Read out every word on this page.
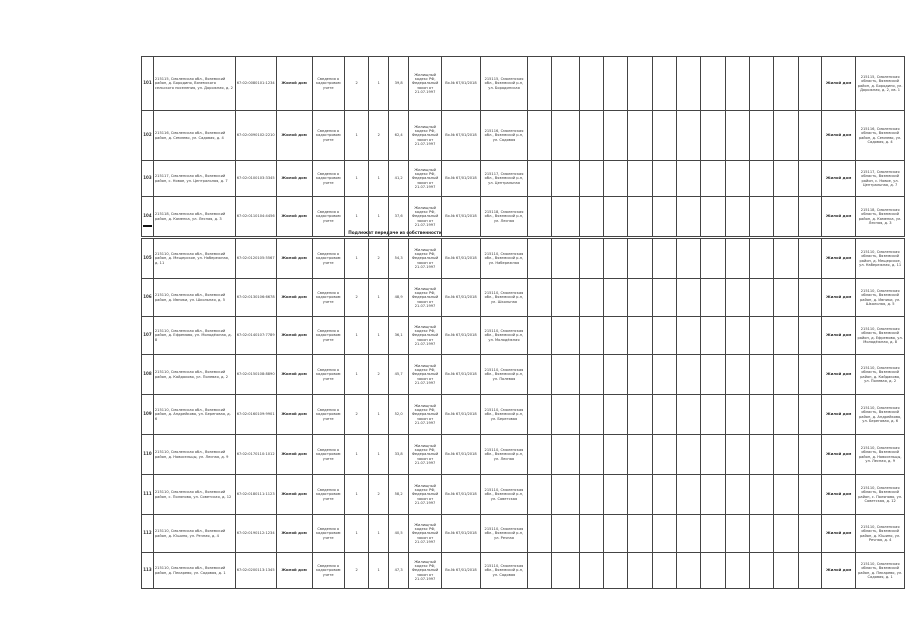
Подлежат передаче из собственности
101	215115, Смоленская обл., Вяземский район, д. Бородино, Вяземского сельского поселения, ул. Дорожная, д. 2	67:02:0080101:1234	Жилой дом	Сведения о кадастровом учете	2	1	39,8	Жилищный кодекс РФ, Федеральный закон от 21.07.1997	Вх.№ 67/01/2018	215115, Смоленская обл., Вяземский р-н, ул. Бородинская													Жилой дом	215115, Смоленская область, Вяземский район, д. Бородино, ул. Дорожная, д. 2, кв. 1
102	215116, Смоленская обл., Вяземский район, д. Семлево, ул. Садовая, д. 4	67:02:0090102:2210	Жилой дом	Сведения о кадастровом учете	1	2	62,4	Жилищный кодекс РФ, Федеральный закон от 21.07.1997	Вх.№ 67/01/2018	215116, Смоленская обл., Вяземский р-н, ул. Садовая													Жилой дом	215116, Смоленская область, Вяземский район, д. Семлево, ул. Садовая, д. 4
103	215117, Смоленская обл., Вяземский район, с. Новое, ул. Центральная, д. 7	67:02:0100103:3345	Жилой дом	Сведения о кадастровом учете	1	1	41,2	Жилищный кодекс РФ, Федеральный закон от 21.07.1997	Вх.№ 67/01/2018	215117, Смоленская обл., Вяземский р-н, ул. Центральная													Жилой дом	215117, Смоленская область, Вяземский район, с. Новое, ул. Центральная, д. 7
104	215118, Смоленская обл., Вяземский район, д. Каменка, ул. Лесная, д. 3	67:02:0110104:4456	Жилой дом	Сведения о кадастровом учете	1	1	37,6	Жилищный кодекс РФ, Федеральный закон от 21.07.1997	Вх.№ 67/01/2018	215118, Смоленская обл., Вяземский р-н, ул. Лесная													Жилой дом	215118, Смоленская область, Вяземский район, д. Каменка, ул. Лесная, д. 3
105	215110, Смоленская обл., Вяземский район, д. Мещерское, ул. Набережная, д. 11	67:02:0120105:5567	Жилой дом	Сведения о кадастровом учете	1	2	54,3	Жилищный кодекс РФ, Федеральный закон от 21.07.1997	Вх.№ 67/01/2018	215110, Смоленская обл., Вяземский р-н, ул. Набережная													Жилой дом	215110, Смоленская область, Вяземский район, д. Мещерское, ул. Набережная, д. 11
106	215110, Смоленская обл., Вяземский район, д. Ивники, ул. Школьная, д. 5	67:02:0130106:6678	Жилой дом	Сведения о кадастровом учете	2	1	48,9	Жилищный кодекс РФ, Федеральный закон от 21.07.1997	Вх.№ 67/01/2018	215110, Смоленская обл., Вяземский р-н, ул. Школьная													Жилой дом	215110, Смоленская область, Вяземский район, д. Ивники, ул. Школьная, д. 5
107	215110, Смоленская обл., Вяземский район, д. Ефремово, ул. Молодёжная, д. 8	67:02:0140107:7789	Жилой дом	Сведения о кадастровом учете	1	1	36,1	Жилищный кодекс РФ, Федеральный закон от 21.07.1997	Вх.№ 67/01/2018	215110, Смоленская обл., Вяземский р-н, ул. Молодёжная													Жилой дом	215110, Смоленская область, Вяземский район, д. Ефремово, ул. Молодёжная, д. 8
108	215110, Смоленская обл., Вяземский район, д. Кайдаково, ул. Полевая, д. 2	67:02:0150108:8890	Жилой дом	Сведения о кадастровом учете	1	2	45,7	Жилищный кодекс РФ, Федеральный закон от 21.07.1997	Вх.№ 67/01/2018	215110, Смоленская обл., Вяземский р-н, ул. Полевая													Жилой дом	215110, Смоленская область, Вяземский район, д. Кайдаково, ул. Полевая, д. 2
109	215110, Смоленская обл., Вяземский район, д. Андрейково, ул. Береговая, д. 6	67:02:0160109:9901	Жилой дом	Сведения о кадастровом учете	2	1	52,0	Жилищный кодекс РФ, Федеральный закон от 21.07.1997	Вх.№ 67/01/2018	215110, Смоленская обл., Вяземский р-н, ул. Береговая													Жилой дом	215110, Смоленская область, Вяземский район, д. Андрейково, ул. Береговая, д. 6
110	215110, Смоленская обл., Вяземский район, д. Новосельцы, ул. Лесная, д. 9	67:02:0170110:1012	Жилой дом	Сведения о кадастровом учете	1	1	33,8	Жилищный кодекс РФ, Федеральный закон от 21.07.1997	Вх.№ 67/01/2018	215110, Смоленская обл., Вяземский р-н, ул. Лесная													Жилой дом	215110, Смоленская область, Вяземский район, д. Новосельцы, ул. Лесная, д. 9
111	215110, Смоленская обл., Вяземский район, с. Поляново, ул. Советская, д. 12	67:02:0180111:1123	Жилой дом	Сведения о кадастровом учете	1	2	58,2	Жилищный кодекс РФ, Федеральный закон от 21.07.1997	Вх.№ 67/01/2018	215110, Смоленская обл., Вяземский р-н, ул. Советская													Жилой дом	215110, Смоленская область, Вяземский район, с. Поляново, ул. Советская, д. 12
112	215110, Смоленская обл., Вяземский район, д. Юшино, ул. Речная, д. 4	67:02:0190112:1234	Жилой дом	Сведения о кадастровом учете	1	1	40,5	Жилищный кодекс РФ, Федеральный закон от 21.07.1997	Вх.№ 67/01/2018	215110, Смоленская обл., Вяземский р-н, ул. Речная													Жилой дом	215110, Смоленская область, Вяземский район, д. Юшино, ул. Речная, д. 4
113	215110, Смоленская обл., Вяземский район, д. Пекарево, ул. Садовая, д. 1	67:02:0200113:1345	Жилой дом	Сведения о кадастровом учете	2	1	47,3	Жилищный кодекс РФ, Федеральный закон от 21.07.1997	Вх.№ 67/01/2018	215110, Смоленская обл., Вяземский р-н, ул. Садовая													Жилой дом	215110, Смоленская область, Вяземский район, д. Пекарево, ул. Садовая, д. 1
